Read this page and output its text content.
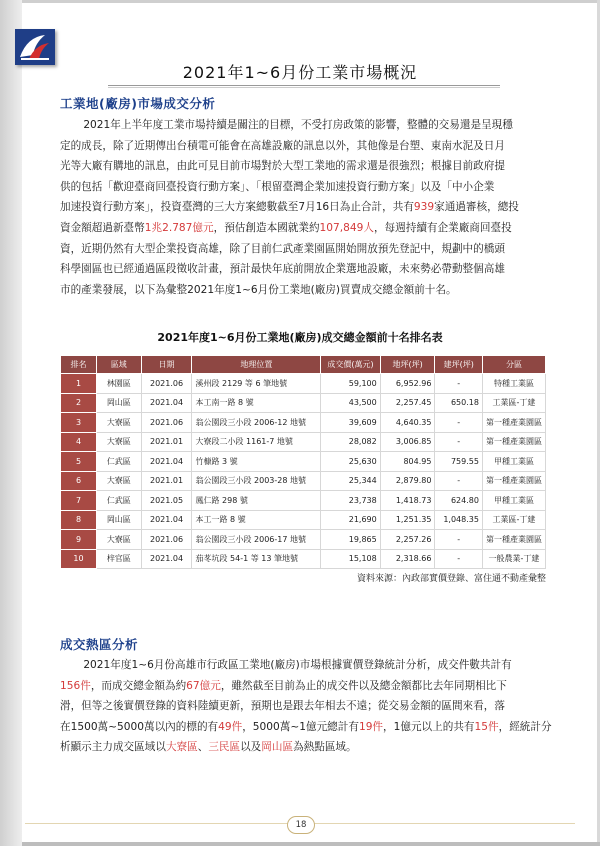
2021年1~6月份工業市場概況
工業地(廠房)市場成交分析
2021年上半年度工業市場持續是關注的目標，不受打房政策的影響，整體的交易還是呈現穩
定的成長，除了近期傳出台積電可能會在高雄設廠的訊息以外，其他像是台塑、東南水泥及日月
光等大廠有購地的訊息，由此可見目前市場對於大型工業地的需求還是很強烈；根據目前政府提
供的包括「歡迎臺商回臺投資行動方案」、「根留臺灣企業加速投資行動方案」以及「中小企業
加速投資行動方案」，投資臺灣的三大方案總數截至7月16日為止合計，共有939家通過審核，總投
資金額超過新臺幣1兆2.787億元，預估創造本國就業約107,849人，每週持續有企業廠商回臺投
資，近期仍然有大型企業投資高雄，除了目前仁武產業園區開始開放預先登記中，規劃中的橋頭
科學園區也已經通過區段徵收計畫，預計最快年底前開放企業選地設廠，未來勢必帶動整個高雄
市的產業發展，以下為彙整2021年度1~6月份工業地(廠房)買賣成交總金額前十名。
2021年度1~6月份工業地(廠房)成交總金額前十名排名表
排名	區域	日期	地理位置	成交價(萬元)	地坪(坪)	建坪(坪)	分區
1	林園區	2021.06	溪州段 2129 等 6 筆地號	59,100	6,952.96	-	特種工業區
2	岡山區	2021.04	本工南一路 8 號	43,500	2,257.45	650.18	工業區-丁建
3	大寮區	2021.06	翁公園段三小段 2006-12 地號	39,609	4,640.35	-	第一種產業園區
4	大寮區	2021.01	大寮段二小段 1161-7 地號	28,082	3,006.85	-	第一種產業園區
5	仁武區	2021.04	竹槺路 3 號	25,630	804.95	759.55	甲種工業區
6	大寮區	2021.01	翁公園段三小段 2003-28 地號	25,344	2,879.80	-	第一種產業園區
7	仁武區	2021.05	鳳仁路 298 號	23,738	1,418.73	624.80	甲種工業區
8	岡山區	2021.04	本工一路 8 號	21,690	1,251.35	1,048.35	工業區-丁建
9	大寮區	2021.06	翁公園段三小段 2006-17 地號	19,865	2,257.26	-	第一種產業園區
10	梓官區	2021.04	茄苳坑段 54-1 等 13 筆地號	15,108	2,318.66	-	一般農業-丁建
資料來源：內政部實價登錄、富住通不動產彙整
成交熱區分析
2021年度1~6月份高雄市行政區工業地(廠房)市場根據實價登錄統計分析，成交件數共計有
156件，而成交總金額為約67億元，雖然截至目前為止的成交件以及總金額都比去年同期相比下
滑，但等之後實價登錄的資料陸續更新，預期也是跟去年相去不遠；從交易金額的區間來看，落
在1500萬~5000萬以內的標的有49件，5000萬~1億元總計有19件，1億元以上的共有15件，經統計分
析顯示主力成交區域以大寮區、三民區以及岡山區為熱點區域。
18
